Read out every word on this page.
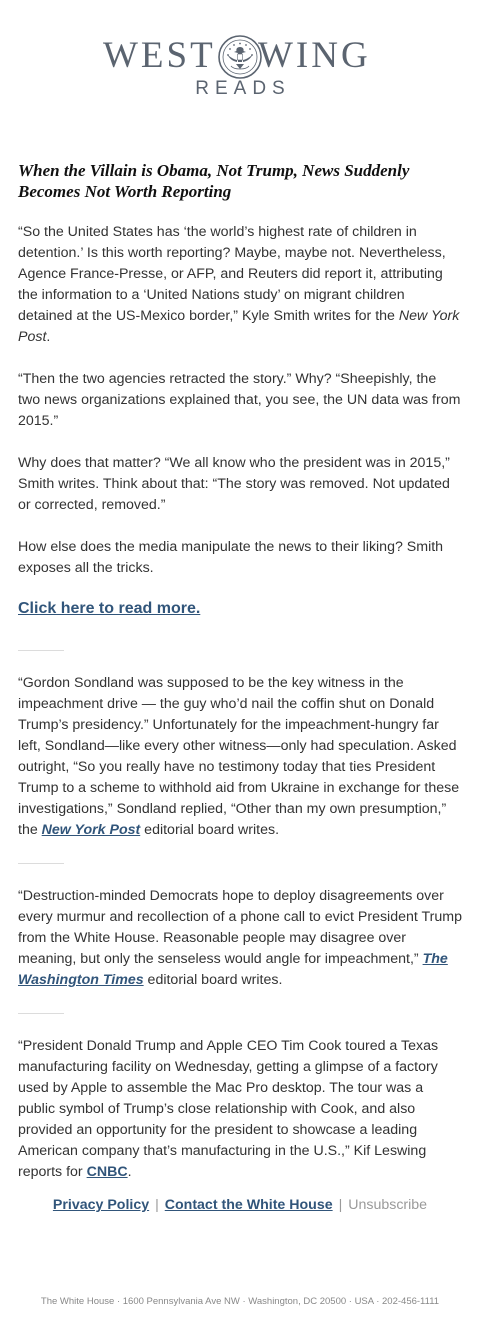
WEST WING
READS
When the Villain is Obama, Not Trump, News Suddenly Becomes Not Worth Reporting

“So the United States has ‘the world’s highest rate of children in detention.’ Is this worth reporting? Maybe, maybe not. Nevertheless, Agence France-Presse, or AFP, and Reuters did report it, attributing the information to a ‘United Nations study’ on migrant children detained at the US-Mexico border,” Kyle Smith writes for the New York Post.

“Then the two agencies retracted the story.” Why? “Sheepishly, the two news organizations explained that, you see, the UN data was from 2015.”

Why does that matter? “We all know who the president was in 2015,” Smith writes. Think about that: “The story was removed. Not updated or corrected, removed.”

How else does the media manipulate the news to their liking? Smith exposes all the tricks.

Click here to read more.

“Gordon Sondland was supposed to be the key witness in the impeachment drive — the guy who’d nail the coffin shut on Donald Trump’s presidency.” Unfortunately for the impeachment-hungry far left, Sondland—like every other witness—only had speculation. Asked outright, “So you really have no testimony today that ties President Trump to a scheme to withhold aid from Ukraine in exchange for these investigations,” Sondland replied, “Other than my own presumption,” the New York Post editorial board writes.

“Destruction-minded Democrats hope to deploy disagreements over every murmur and recollection of a phone call to evict President Trump from the White House. Reasonable people may disagree over meaning, but only the senseless would angle for impeachment,” The Washington Times editorial board writes.

“President Donald Trump and Apple CEO Tim Cook toured a Texas manufacturing facility on Wednesday, getting a glimpse of a factory used by Apple to assemble the Mac Pro desktop. The tour was a public symbol of Trump’s close relationship with Cook, and also provided an opportunity for the president to showcase a leading American company that’s manufacturing in the U.S.,” Kif Leswing reports for CNBC.

Privacy Policy | Contact the White House | Unsubscribe
The White House · 1600 Pennsylvania Ave NW · Washington, DC 20500 · USA · 202-456-1111
